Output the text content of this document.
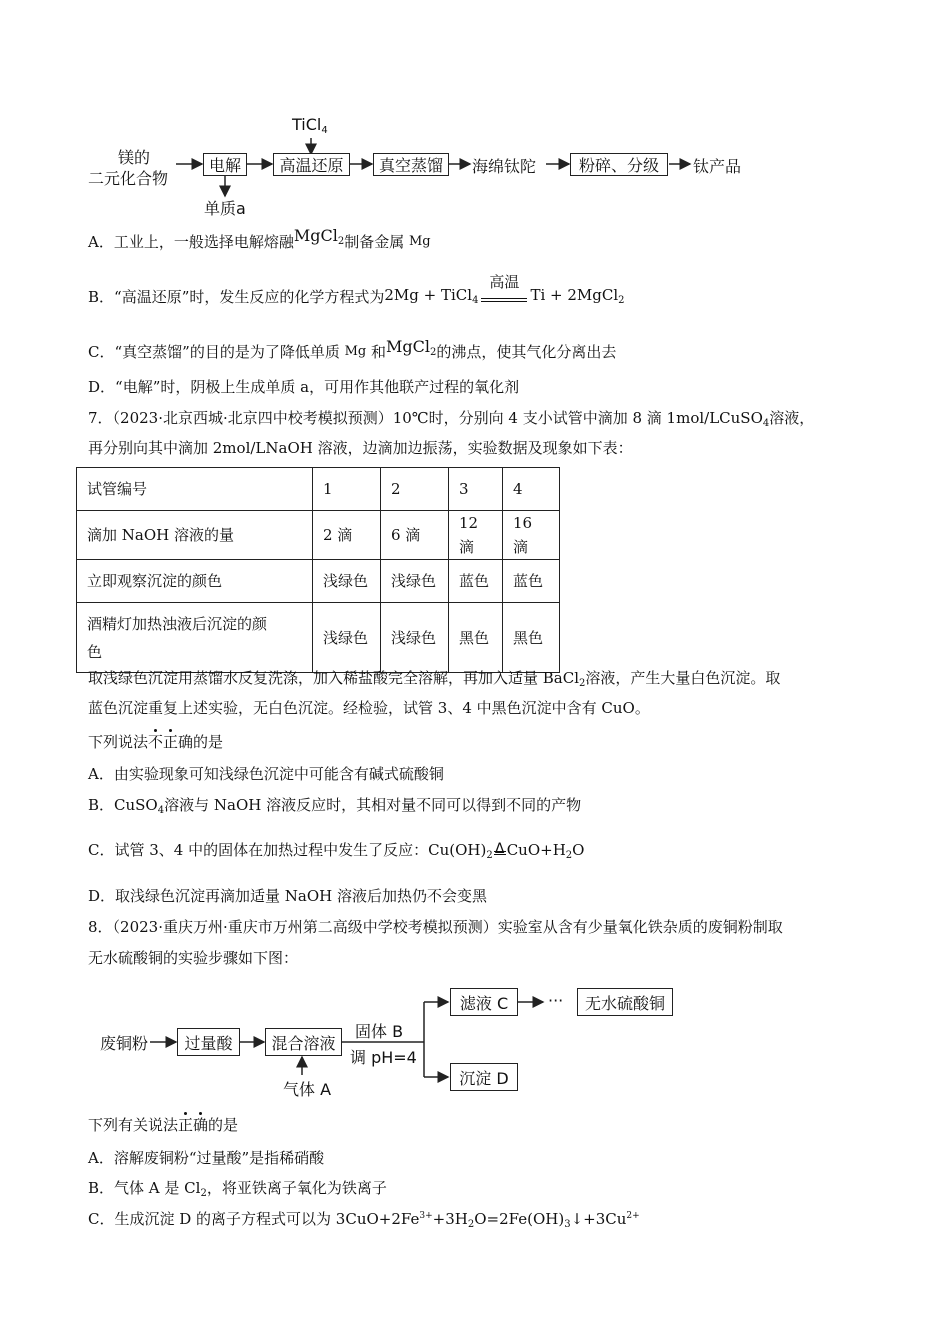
镁的
二元化合物
电解	高温还原	真空蒸馏	海绵钛陀	粉碎、分级	钛产品
TiCl$_4$
单质a
A．工业上，一般选择电解熔融MgCl$_2$制备金属 Mg
B．“高温还原”时，发生反应的化学方程式为2Mg + TiCl$_4$
高温
Ti + 2MgCl$_2$
C．“真空蒸馏”的目的是为了降低单质 Mg 和MgCl$_2$的沸点，使其气化分离出去
D．“电解”时，阴极上生成单质 a，可用作其他联产过程的氧化剂
7．（2023·北京西城·北京四中校考模拟预测）10℃时，分别向 4 支小试管中滴加 8 滴 1mol/LCuSO$_4$溶液，
再分别向其中滴加 2mol/LNaOH 溶液，边滴加边振荡，实验数据及现象如下表：
试管编号	1	2	3	4
滴加 NaOH 溶液的量	2 滴	6 滴	12 滴	16 滴
立即观察沉淀的颜色	浅绿色	浅绿色	蓝色	蓝色
酒精灯加热浊液后沉淀的颜
色	浅绿色	浅绿色	黑色	黑色
取浅绿色沉淀用蒸馏水反复洗涤，加入稀盐酸完全溶解，再加入适量 BaCl$_2$溶液，产生大量白色沉淀。取
蓝色沉淀重复上述实验，无白色沉淀。经检验，试管 3、4 中黑色沉淀中含有 CuO。
下列说法不正确的是
A．由实验现象可知浅绿色沉淀中可能含有碱式硫酸铜
B．CuSO$_4$溶液与 NaOH 溶液反应时，其相对量不同可以得到不同的产物
C．试管 3、4 中的固体在加热过程中发生了反应：$Cu(OH)_2$ Δ $CuO+H_2O$
D．取浅绿色沉淀再滴加适量 NaOH 溶液后加热仍不会变黑
8．（2023·重庆万州·重庆市万州第二高级中学校考模拟预测）实验室从含有少量氧化铁杂质的废铜粉制取
无水硫酸铜的实验步骤如下图：
废铜粉	过量酸	混合溶液
气体 A
固体 B
调 pH=4
滤液 C	···	无水硫酸铜
沉淀 D
下列有关说法正确的是
A．溶解废铜粉“过量酸”是指稀硝酸
B．气体 A 是 $Cl_2$，将亚铁离子氧化为铁离子
C．生成沉淀 D 的离子方程式可以为 $3CuO+2Fe^{3+}+3H_2O=2Fe(OH)_3↓+3Cu^{2+}$
